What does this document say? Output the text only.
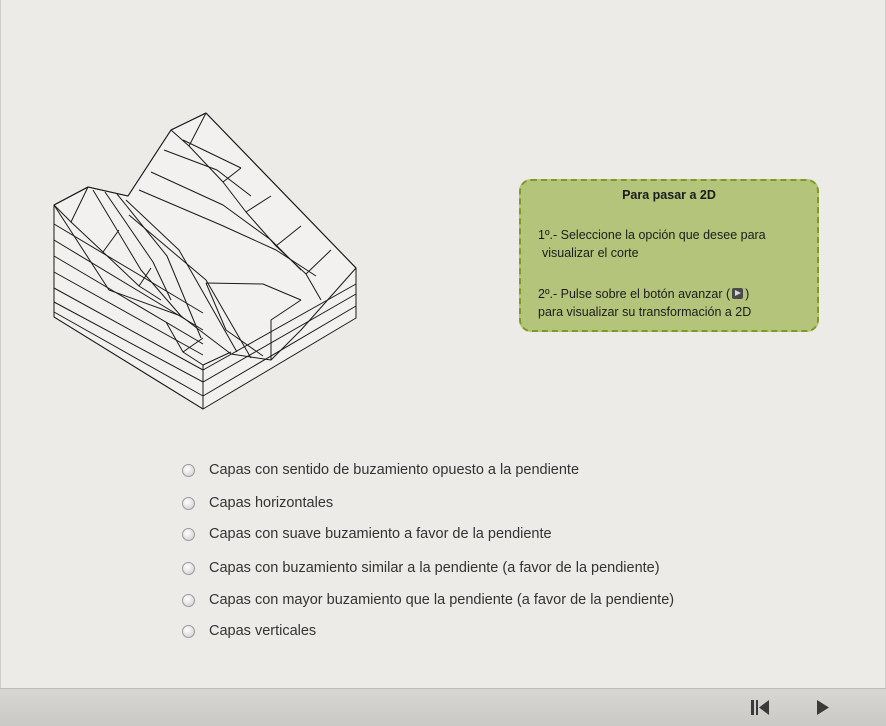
Para pasar a 2D
1º.- Seleccione la opción que desee para
visualizar el corte
2º.- Pulse sobre el botón avanzar ( )
para visualizar su transformación a 2D
Capas con sentido de buzamiento opuesto a la pendiente
Capas horizontales
Capas con suave buzamiento a favor de la pendiente
Capas con buzamiento similar a la pendiente (a favor de la pendiente)
Capas con mayor buzamiento que la pendiente (a favor de la pendiente)
Capas verticales
